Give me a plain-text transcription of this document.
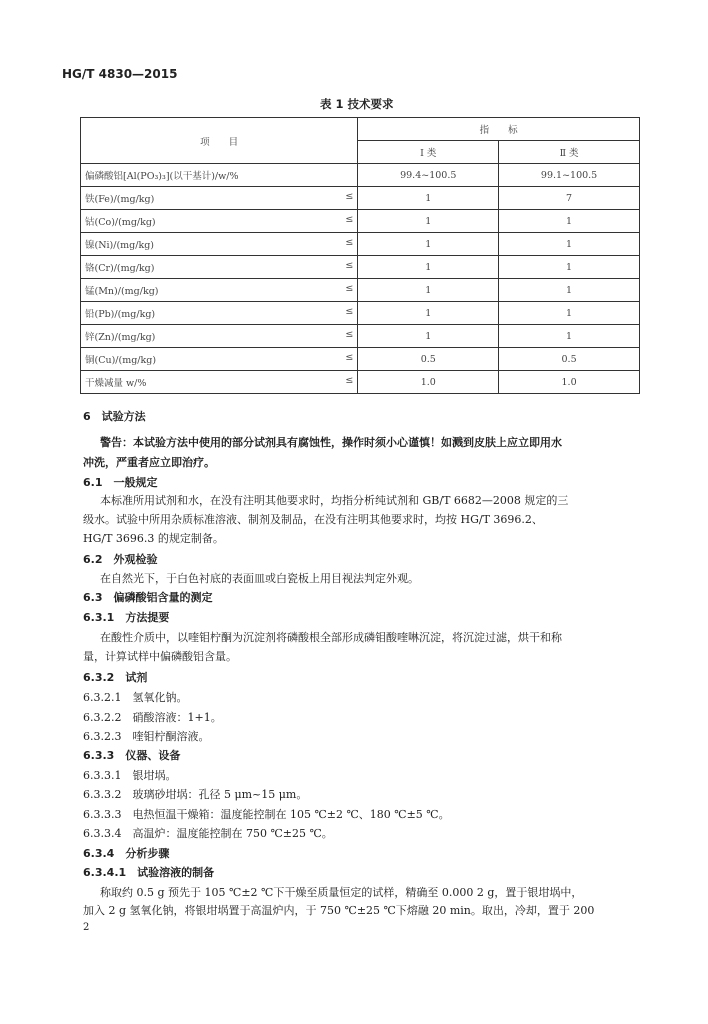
HG/T 4830—2015
表 1 技术要求
项　　目	指　　标	
	Ⅰ 类	Ⅱ 类

偏磷酸铝[Al(PO₃)₃](以干基计)/w/%	99.4~100.5	99.1~100.5

铁(Fe)/(mg/kg) ≤	1	7

钴(Co)/(mg/kg) ≤	1	1

镍(Ni)/(mg/kg) ≤	1	1

铬(Cr)/(mg/kg) ≤	1	1

锰(Mn)/(mg/kg) ≤	1	1

铅(Pb)/(mg/kg) ≤	1	1

锌(Zn)/(mg/kg) ≤	1	1

铜(Cu)/(mg/kg) ≤	0.5	0.5

干燥减量 w/% ≤	1.0	1.0
6　试验方法
警告：本试验方法中使用的部分试剂具有腐蚀性，操作时须小心谨慎！如溅到皮肤上应立即用水
冲洗，严重者应立即治疗。
6.1　一般规定
本标准所用试剂和水，在没有注明其他要求时，均指分析纯试剂和 GB/T 6682—2008 规定的三
级水。试验中所用杂质标准溶液、制剂及制品，在没有注明其他要求时，均按 HG/T 3696.2、
HG/T 3696.3 的规定制备。
6.2　外观检验
在自然光下，于白色衬底的表面皿或白瓷板上用目视法判定外观。
6.3　偏磷酸铝含量的测定
6.3.1　方法提要
在酸性介质中，以喹钼柠酮为沉淀剂将磷酸根全部形成磷钼酸喹啉沉淀，将沉淀过滤，烘干和称
量，计算试样中偏磷酸铝含量。
6.3.2　试剂
6.3.2.1　氢氧化钠。
6.3.2.2　硝酸溶液：1+1。
6.3.2.3　喹钼柠酮溶液。
6.3.3　仪器、设备
6.3.3.1　银坩埚。
6.3.3.2　玻璃砂坩埚：孔径 5 μm~15 μm。
6.3.3.3　电热恒温干燥箱：温度能控制在 105 ℃±2 ℃、180 ℃±5 ℃。
6.3.3.4　高温炉：温度能控制在 750 ℃±25 ℃。
6.3.4　分析步骤
6.3.4.1　试验溶液的制备
称取约 0.5 g 预先于 105 ℃±2 ℃下干燥至质量恒定的试样，精确至 0.000 2 g，置于银坩埚中，
加入 2 g 氢氧化钠，将银坩埚置于高温炉内，于 750 ℃±25 ℃下熔融 20 min。取出，冷却，置于 200
2
